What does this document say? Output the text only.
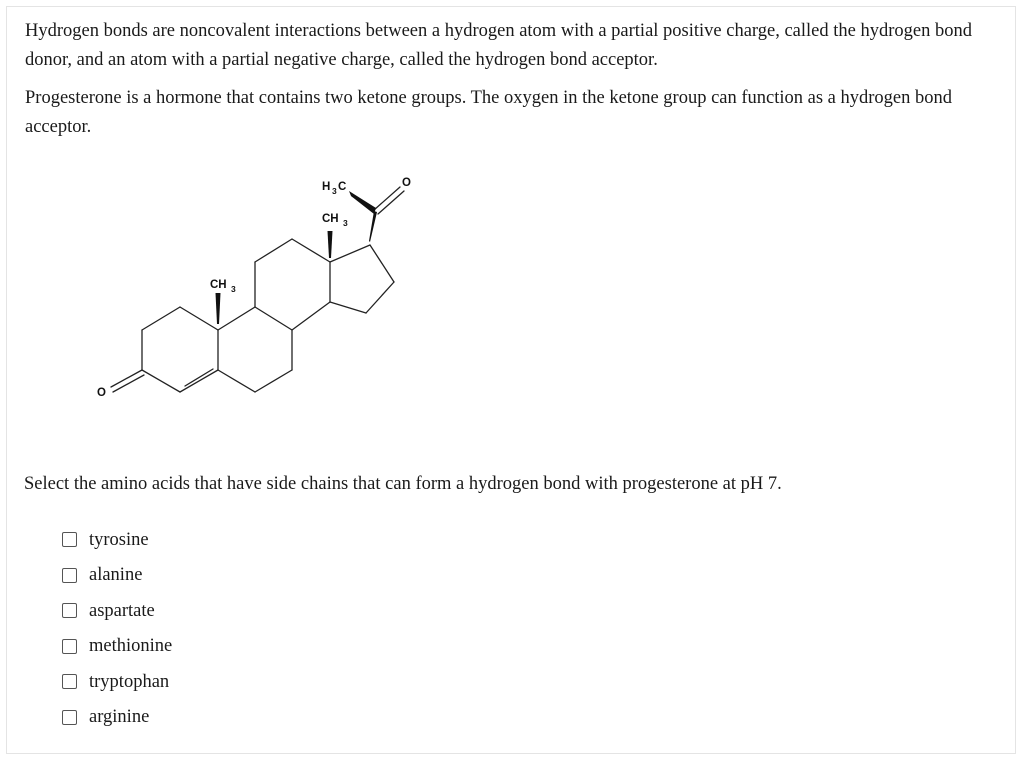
Hydrogen bonds are noncovalent interactions between a hydrogen atom with a partial positive charge, called the hydrogen bond donor, and an atom with a partial negative charge, called the hydrogen bond acceptor.

Progesterone is a hormone that contains two ketone groups. The oxygen in the ketone group can function as a hydrogen bond acceptor.

O
O
CH 3
CH 3
H 3 C

Select the amino acids that have side chains that can form a hydrogen bond with progesterone at pH 7.

tyrosine
alanine
aspartate
methionine
tryptophan
arginine
